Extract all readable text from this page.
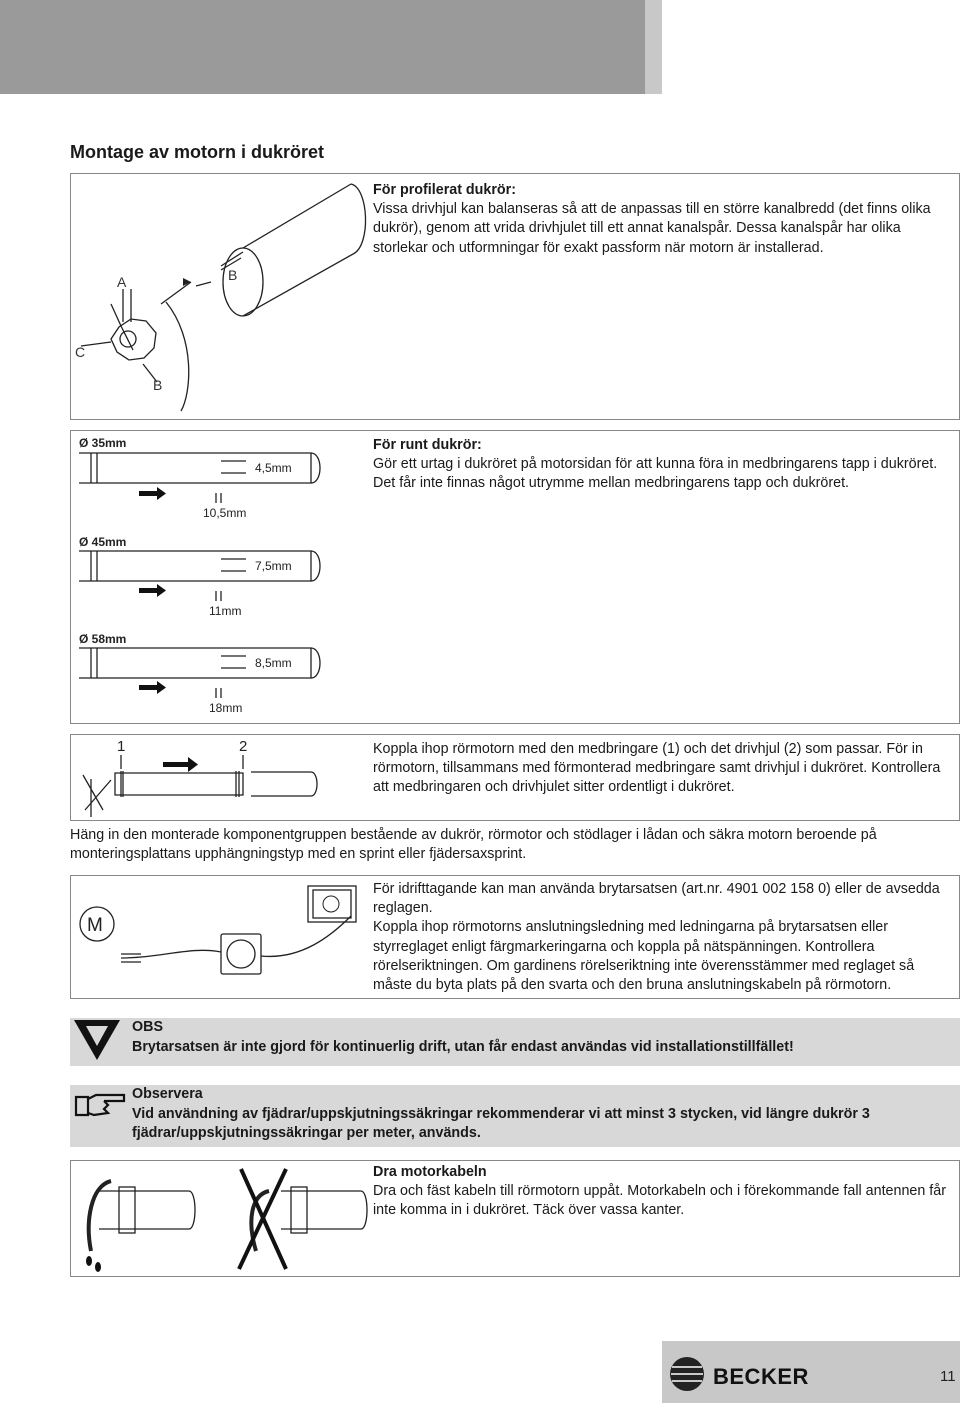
Montage av motorn i dukröret
A	B
C
B
För profilerat dukrör:
Vissa drivhjul kan balanseras så att de anpassas till en större kanalbredd (det finns olika dukrör), genom att vrida drivhjulet till ett annat kanalspår. Dessa kanalspår har olika storlekar och utformningar för exakt passform när motorn är installerad.
Ø 35mm
4,5mm
10,5mm
Ø 45mm
7,5mm
11mm
Ø 58mm
8,5mm
18mm
För runt dukrör:
Gör ett urtag i dukröret på motorsidan för att kunna föra in medbringarens tapp i dukröret. Det får inte finnas något utrymme mellan medbringarens tapp och dukröret.
1	2	Koppla ihop rörmotorn med den medbringare (1) och det drivhjul (2) som passar. För in rörmotorn, tillsammans med förmonterad medbringare samt drivhjul i dukröret. Kontrollera att medbringaren och drivhjulet sitter ordentligt i dukröret.
Häng in den monterade komponentgruppen bestående av dukrör, rörmotor och stödlager i lådan och säkra motorn beroende på monteringsplattans upphängningstyp med en sprint eller fjädersaxsprint.
M
För idrifttagande kan man använda brytarsatsen (art.nr. 4901 002 158 0) eller de avsedda reglagen.
Koppla ihop rörmotorns anslutningsledning med ledningarna på brytarsatsen eller styrreglaget enligt färgmarkeringarna och koppla på nätspänningen. Kontrollera rörelseriktningen. Om gardinens rörelseriktning inte överensstämmer med reglaget så måste du byta plats på den svarta och den bruna anslutningskabeln på rörmotorn.
OBS
Brytarsatsen är inte gjord för kontinuerlig drift, utan får endast användas vid installationstillfället!
Observera
Vid användning av fjädrar/uppskjutningssäkringar rekommenderar vi att minst 3 stycken, vid längre dukrör 3 fjädrar/uppskjutningssäkringar per meter, används.
Dra motorkabeln
Dra och fäst kabeln till rörmotorn uppåt. Motorkabeln och i förekommande fall antennen får inte komma in i dukröret. Täck över vassa kanter.
BECKER	11
